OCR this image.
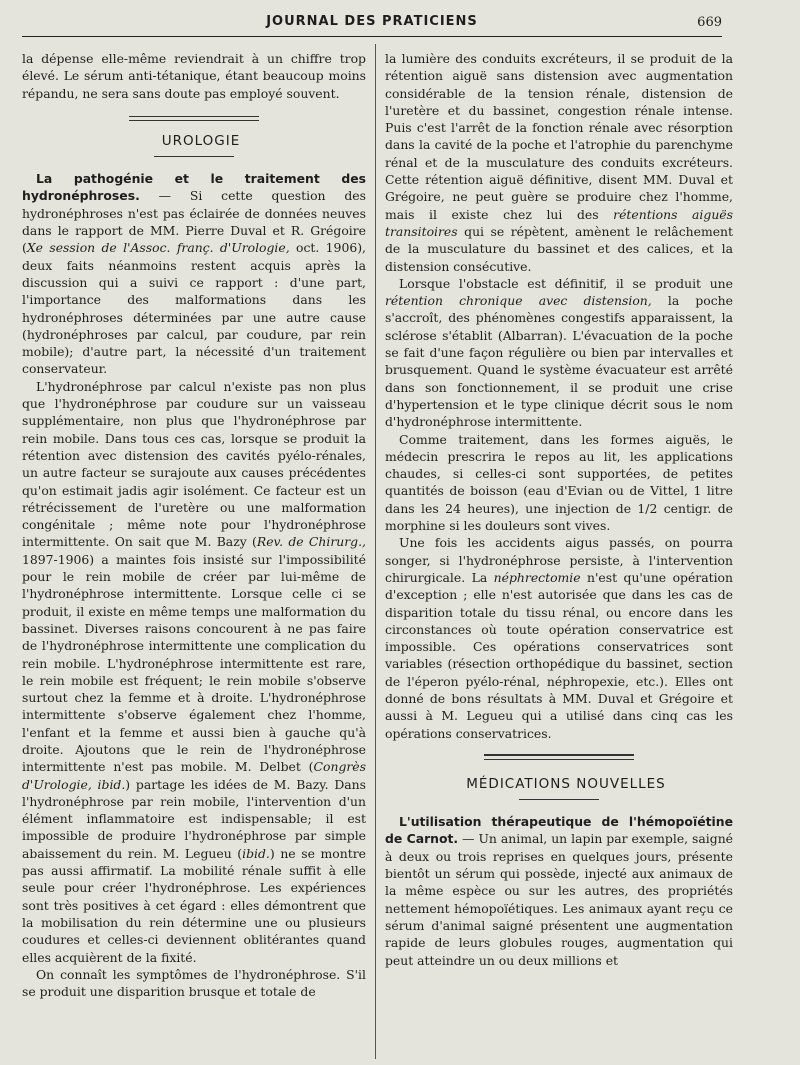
JOURNAL DES PRATICIENS	669

la dépense elle-même reviendrait à un chiffre trop élevé. Le sérum anti-tétanique, étant beaucoup moins répandu, ne sera sans doute pas employé souvent.

UROLOGIE

La pathogénie et le traitement des hydronéphroses. — Si cette question des hydronéphroses n'est pas éclairée de données neuves dans le rapport de MM. Pierre Duval et R. Grégoire (Xe session de l'Assoc. franç. d'Urologie, oct. 1906), deux faits néanmoins restent acquis après la discussion qui a suivi ce rapport : d'une part, l'importance des malformations dans les hydronéphroses déterminées par une autre cause (hydronéphroses par calcul, par coudure, par rein mobile); d'autre part, la nécessité d'un traitement conservateur.

L'hydronéphrose par calcul n'existe pas non plus que l'hydronéphrose par coudure sur un vaisseau supplémentaire, non plus que l'hydronéphrose par rein mobile. Dans tous ces cas, lorsque se produit la rétention avec distension des cavités pyélo-rénales, un autre facteur se surajoute aux causes précédentes qu'on estimait jadis agir isolément. Ce facteur est un rétrécissement de l'uretère ou une malformation congénitale ; même note pour l'hydronéphrose intermittente. On sait que M. Bazy (Rev. de Chirurg., 1897-1906) a maintes fois insisté sur l'impossibilité pour le rein mobile de créer par lui-même de l'hydronéphrose intermittente. Lorsque celle ci se produit, il existe en même temps une malformation du bassinet. Diverses raisons concourent à ne pas faire de l'hydronéphrose intermittente une complication du rein mobile. L'hydronéphrose intermittente est rare, le rein mobile est fréquent; le rein mobile s'observe surtout chez la femme et à droite. L'hydronéphrose intermittente s'observe également chez l'homme, l'enfant et la femme et aussi bien à gauche qu'à droite. Ajoutons que le rein de l'hydronéphrose intermittente n'est pas mobile. M. Delbet (Congrès d'Urologie, ibid.) partage les idées de M. Bazy. Dans l'hydronéphrose par rein mobile, l'intervention d'un élément inflammatoire est indispensable; il est impossible de produire l'hydronéphrose par simple abaissement du rein. M. Legueu (ibid.) ne se montre pas aussi affirmatif. La mobilité rénale suffit à elle seule pour créer l'hydronéphrose. Les expériences sont très positives à cet égard : elles démontrent que la mobilisation du rein détermine une ou plusieurs coudures et celles-ci deviennent oblitérantes quand elles acquièrent de la fixité.

On connaît les symptômes de l'hydronéphrose. S'il se produit une disparition brusque et totale de

la lumière des conduits excréteurs, il se produit de la rétention aiguë sans distension avec augmentation considérable de la tension rénale, distension de l'uretère et du bassinet, congestion rénale intense. Puis c'est l'arrêt de la fonction rénale avec résorption dans la cavité de la poche et l'atrophie du parenchyme rénal et de la musculature des conduits excréteurs. Cette rétention aiguë définitive, disent MM. Duval et Grégoire, ne peut guère se produire chez l'homme, mais il existe chez lui des rétentions aiguës transitoires qui se répètent, amènent le relâchement de la musculature du bassinet et des calices, et la distension consécutive.

Lorsque l'obstacle est définitif, il se produit une rétention chronique avec distension, la poche s'accroît, des phénomènes congestifs apparaissent, la sclérose s'établit (Albarran). L'évacuation de la poche se fait d'une façon régulière ou bien par intervalles et brusquement. Quand le système évacuateur est arrêté dans son fonctionnement, il se produit une crise d'hypertension et le type clinique décrit sous le nom d'hydronéphrose intermittente.

Comme traitement, dans les formes aiguës, le médecin prescrira le repos au lit, les applications chaudes, si celles-ci sont supportées, de petites quantités de boisson (eau d'Evian ou de Vittel, 1 litre dans les 24 heures), une injection de 1/2 centigr. de morphine si les douleurs sont vives.

Une fois les accidents aigus passés, on pourra songer, si l'hydronéphrose persiste, à l'intervention chirurgicale. La néphrectomie n'est qu'une opération d'exception ; elle n'est autorisée que dans les cas de disparition totale du tissu rénal, ou encore dans les circonstances où toute opération conservatrice est impossible. Ces opérations conservatrices sont variables (résection orthopédique du bassinet, section de l'éperon pyélo-rénal, néphropexie, etc.). Elles ont donné de bons résultats à MM. Duval et Grégoire et aussi à M. Legueu qui a utilisé dans cinq cas les opérations conservatrices.

MÉDICATIONS NOUVELLES

L'utilisation thérapeutique de l'hémopoïétine de Carnot. — Un animal, un lapin par exemple, saigné à deux ou trois reprises en quelques jours, présente bientôt un sérum qui possède, injecté aux animaux de la même espèce ou sur les autres, des propriétés nettement hémopoïétiques. Les animaux ayant reçu ce sérum d'animal saigné présentent une augmentation rapide de leurs globules rouges, augmentation qui peut atteindre un ou deux millions et
